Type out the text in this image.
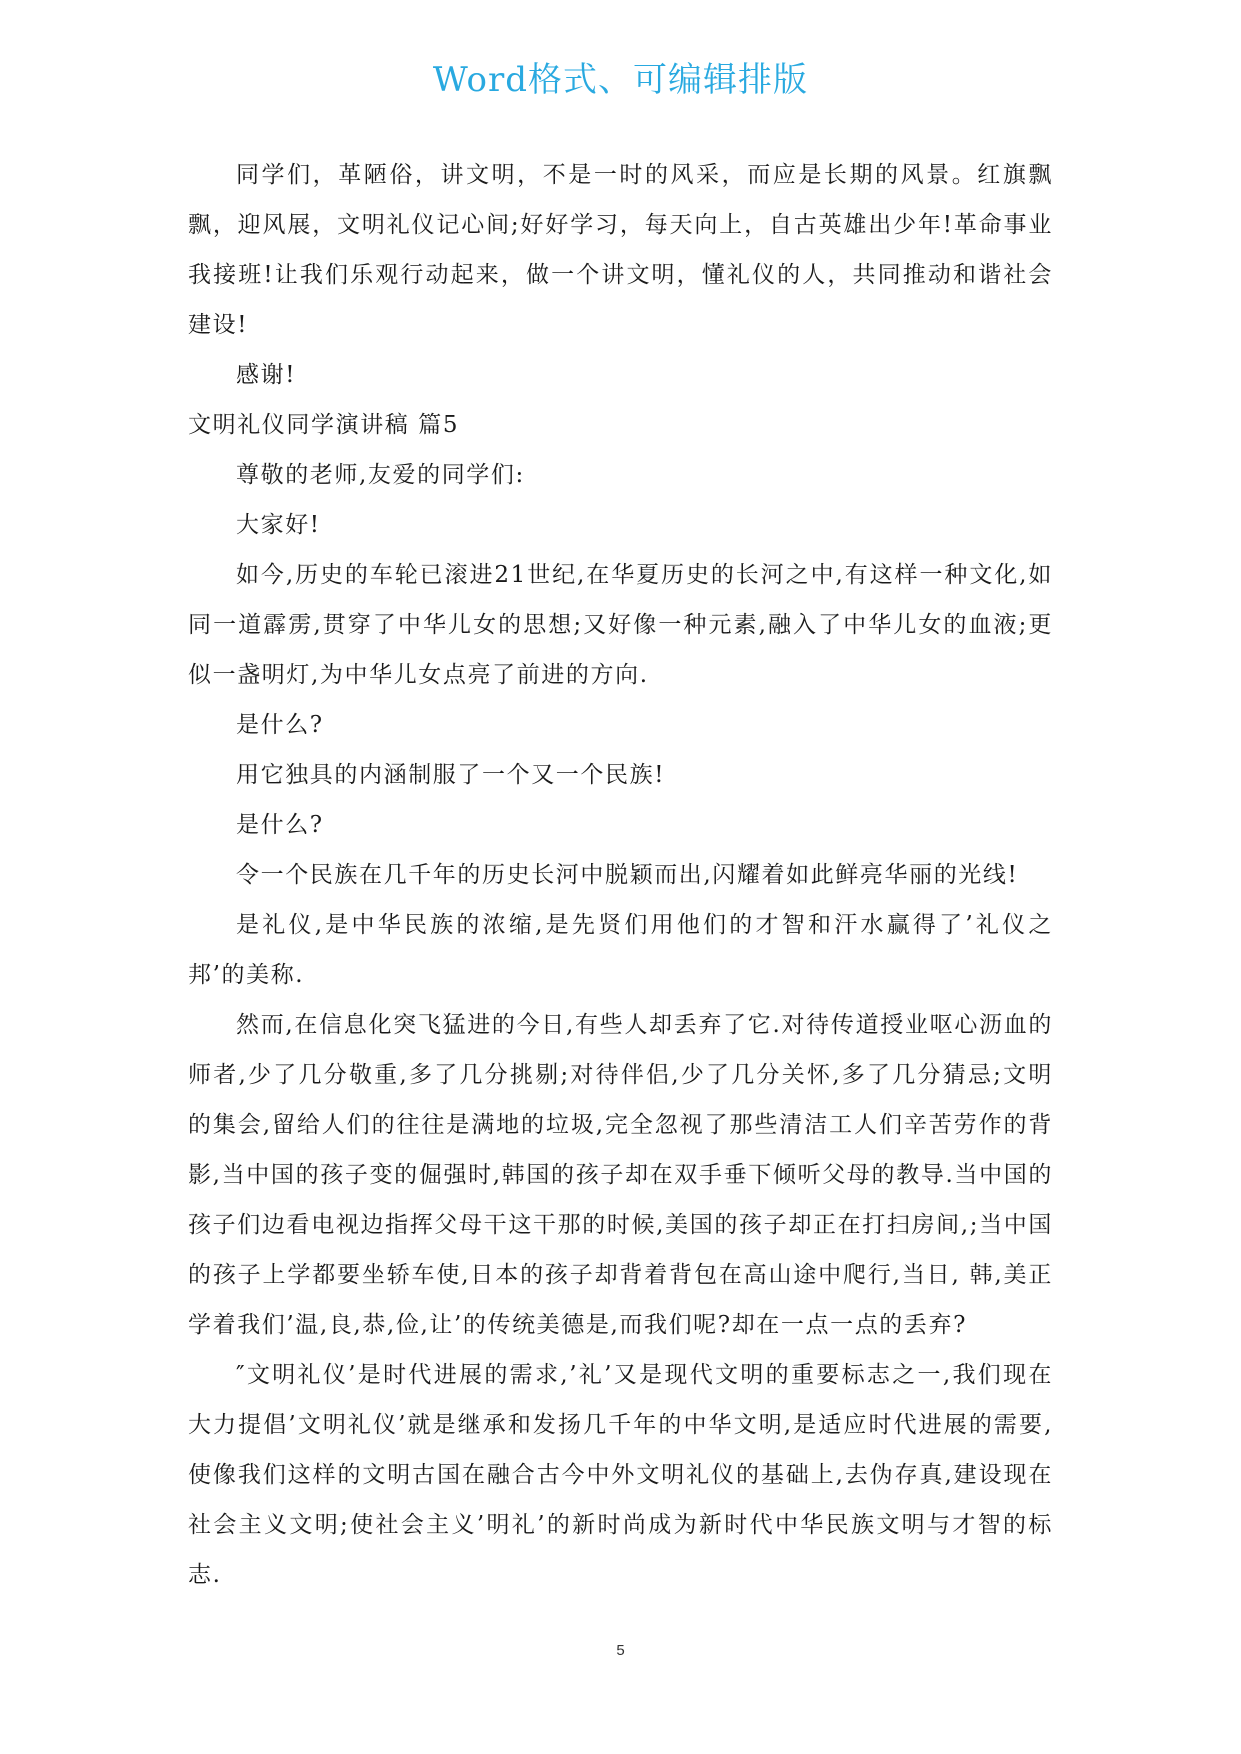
Word格式、可编辑排版

同学们，革陋俗，讲文明，不是一时的风采，而应是长期的风景。红旗飘飘，迎风展，文明礼仪记心间;好好学习，每天向上，自古英雄出少年!革命事业我接班!让我们乐观行动起来，做一个讲文明，懂礼仪的人，共同推动和谐社会建设!

感谢!

文明礼仪同学演讲稿 篇5

尊敬的老师,友爱的同学们:

大家好!

如今,历史的车轮已滚进21世纪,在华夏历史的长河之中,有这样一种文化,如同一道霹雳,贯穿了中华儿女的思想;又好像一种元素,融入了中华儿女的血液;更似一盏明灯,为中华儿女点亮了前进的方向.

是什么?

用它独具的内涵制服了一个又一个民族!

是什么?

令一个民族在几千年的历史长河中脱颖而出,闪耀着如此鲜亮华丽的光线!

是礼仪,是中华民族的浓缩,是先贤们用他们的才智和汗水赢得了’礼仪之邦’的美称.

然而,在信息化突飞猛进的今日,有些人却丢弃了它.对待传道授业呕心沥血的师者,少了几分敬重,多了几分挑剔;对待伴侣,少了几分关怀,多了几分猜忌;文明的集会,留给人们的往往是满地的垃圾,完全忽视了那些清洁工人们辛苦劳作的背影,当中国的孩子变的倔强时,韩国的孩子却在双手垂下倾听父母的教导.当中国的孩子们边看电视边指挥父母干这干那的时候,美国的孩子却正在打扫房间,;当中国的孩子上学都要坐轿车使,日本的孩子却背着背包在高山途中爬行,当日, 韩,美正学着我们’温,良,恭,俭,让’的传统美德是,而我们呢?却在一点一点的丢弃?

″文明礼仪’是时代进展的需求,’礼’又是现代文明的重要标志之一,我们现在大力提倡’文明礼仪’就是继承和发扬几千年的中华文明,是适应时代进展的需要,使像我们这样的文明古国在融合古今中外文明礼仪的基础上,去伪存真,建设现在社会主义文明;使社会主义’明礼’的新时尚成为新时代中华民族文明与才智的标志.

5
